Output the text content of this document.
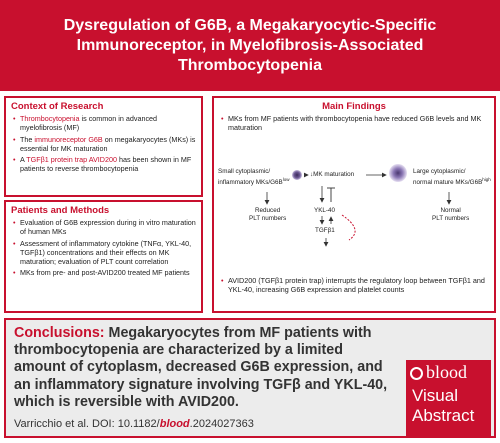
Dysregulation of G6B, a Megakaryocytic-Specific Immunoreceptor, in Myelofibrosis-Associated Thrombocytopenia
Context of Research
• Thrombocytopenia is common in advanced myelofibrosis (MF)
• The immunoreceptor G6B on megakaryocytes (MKs) is essential for MK maturation
• A TGFβ1 protein trap AVID200 has been shown in MF patients to reverse thrombocytopenia
Patients and Methods
• Evaluation of G6B expression during in vitro maturation of human MKs
• Assessment of inflammatory cytokine (TNFα, YKL-40, TGFβ1) concentrations and their effects on MK maturation; evaluation of PLT count correlation
• MKs from pre- and post-AVID200 treated MF patients
Main Findings
• MKs from MF patients with thrombocytopenia have reduced G6B levels and MK maturation
Small cytoplasmic/
inflammatory MKs/$G6B^{low}$
↓MK maturation	Large cytoplasmic/
normal mature MKs/$G6B^{high}$
Reduced
PLT numbers
YKL-40
TGFβ1
Normal
PLT numbers
• AVID200 (TGFβ1 protein trap) interrupts the regulatory loop between TGFβ1 and YKL-40, increasing G6B expression and platelet counts
Conclusions: Megakaryocytes from MF patients with thrombocytopenia are characterized by a limited amount of cytoplasm, decreased G6B expression, and an inflammatory signature involving TGFβ and YKL-40, which is reversible with AVID200.
Varricchio et al. DOI: 10.1182/blood.2024027363
blood
Visual
Abstract
